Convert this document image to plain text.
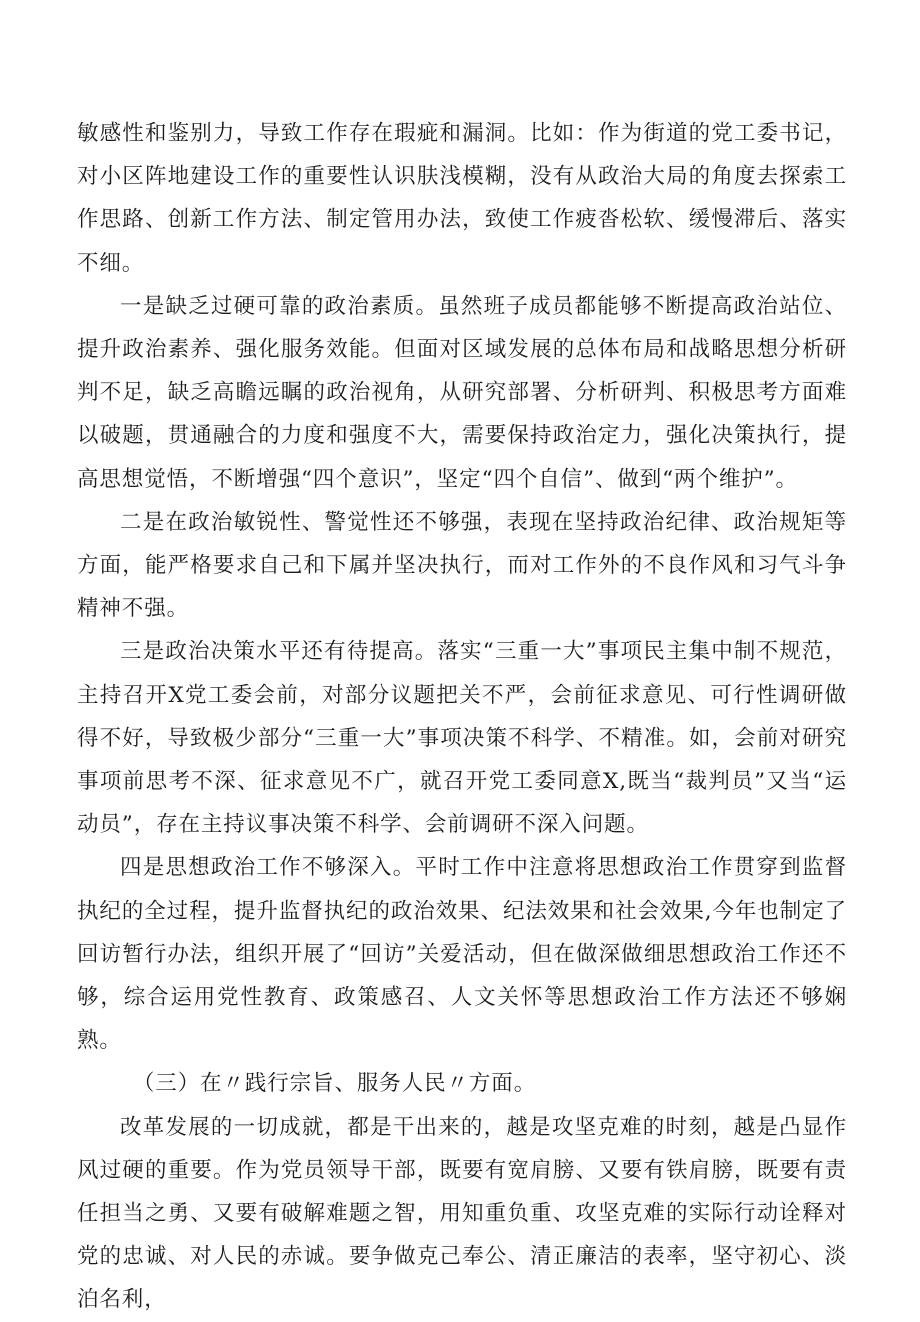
敏感性和鉴别力，导致工作存在瑕疵和漏洞。比如：作为街道的党工委书记，对小区阵地建设工作的重要性认识肤浅模糊，没有从政治大局的角度去探索工作思路、创新工作方法、制定管用办法，致使工作疲沓松软、缓慢滞后、落实不细。

一是缺乏过硬可靠的政治素质。虽然班子成员都能够不断提高政治站位、提升政治素养、强化服务效能。但面对区域发展的总体布局和战略思想分析研判不足，缺乏高瞻远瞩的政治视角，从研究部署、分析研判、积极思考方面难以破题，贯通融合的力度和强度不大，需要保持政治定力，强化决策执行，提高思想觉悟，不断增强“四个意识”，坚定“四个自信”、做到“两个维护”。

二是在政治敏锐性、警觉性还不够强，表现在坚持政治纪律、政治规矩等方面，能严格要求自己和下属并坚决执行，而对工作外的不良作风和习气斗争精神不强。

三是政治决策水平还有待提高。落实“三重一大”事项民主集中制不规范，主持召开X党工委会前，对部分议题把关不严，会前征求意见、可行性调研做得不好，导致极少部分“三重一大”事项决策不科学、不精准。如，会前对研究事项前思考不深、征求意见不广，就召开党工委同意X,既当“裁判员”又当“运动员”，存在主持议事决策不科学、会前调研不深入问题。

四是思想政治工作不够深入。平时工作中注意将思想政治工作贯穿到监督执纪的全过程，提升监督执纪的政治效果、纪法效果和社会效果,今年也制定了回访暂行办法，组织开展了“回访”关爱活动，但在做深做细思想政治工作还不够，综合运用党性教育、政策感召、人文关怀等思想政治工作方法还不够娴熟。

（三）在〃践行宗旨、服务人民〃方面。

改革发展的一切成就，都是干出来的，越是攻坚克难的时刻，越是凸显作风过硬的重要。作为党员领导干部，既要有宽肩膀、又要有铁肩膀，既要有责任担当之勇、又要有破解难题之智，用知重负重、攻坚克难的实际行动诠释对党的忠诚、对人民的赤诚。要争做克己奉公、清正廉洁的表率，坚守初心、淡泊名利，
